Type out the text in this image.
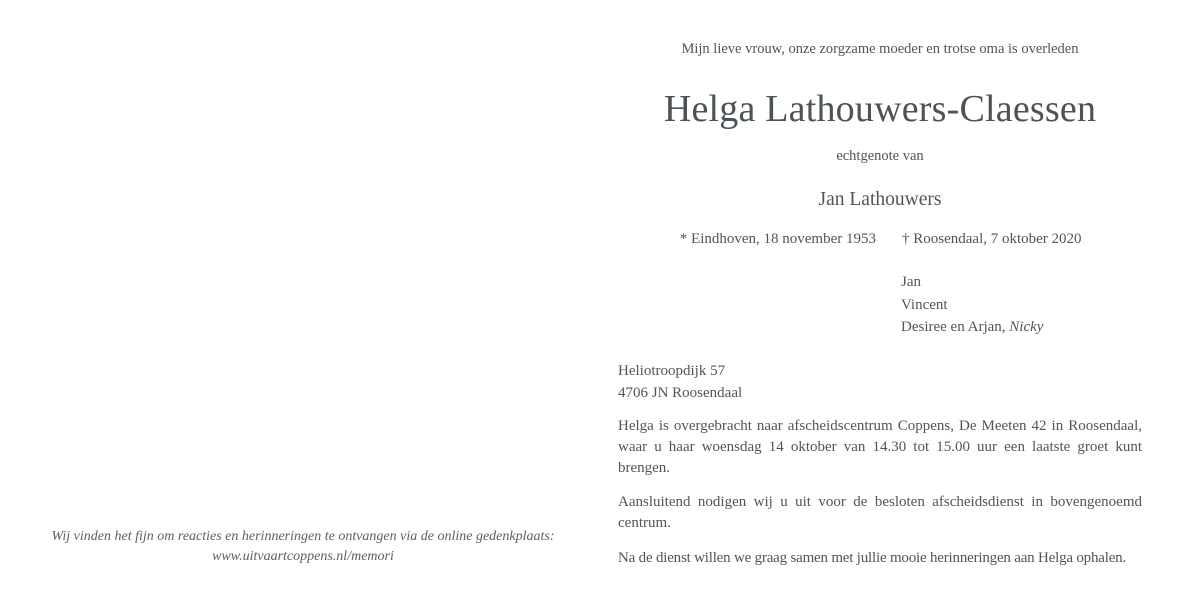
Wij vinden het fijn om reacties en herinneringen te ontvangen via de online gedenkplaats:
www.uitvaartcoppens.nl/memori
Mijn lieve vrouw, onze zorgzame moeder en trotse oma is overleden
Helga Lathouwers-Claessen
echtgenote van
Jan Lathouwers
* Eindhoven, 18 november 1953 † Roosendaal, 7 oktober 2020
Jan
Vincent
Desiree en Arjan, Nicky
Heliotroopdijk 57
4706 JN Roosendaal
Helga is overgebracht naar afscheidscentrum Coppens, De Meeten 42 in Roosendaal, waar u haar woensdag 14 oktober van 14.30 tot 15.00 uur een laatste groet kunt brengen.
Aansluitend nodigen wij u uit voor de besloten afscheidsdienst in bovengenoemd centrum.
Na de dienst willen we graag samen met jullie mooie herinneringen aan Helga ophalen.
